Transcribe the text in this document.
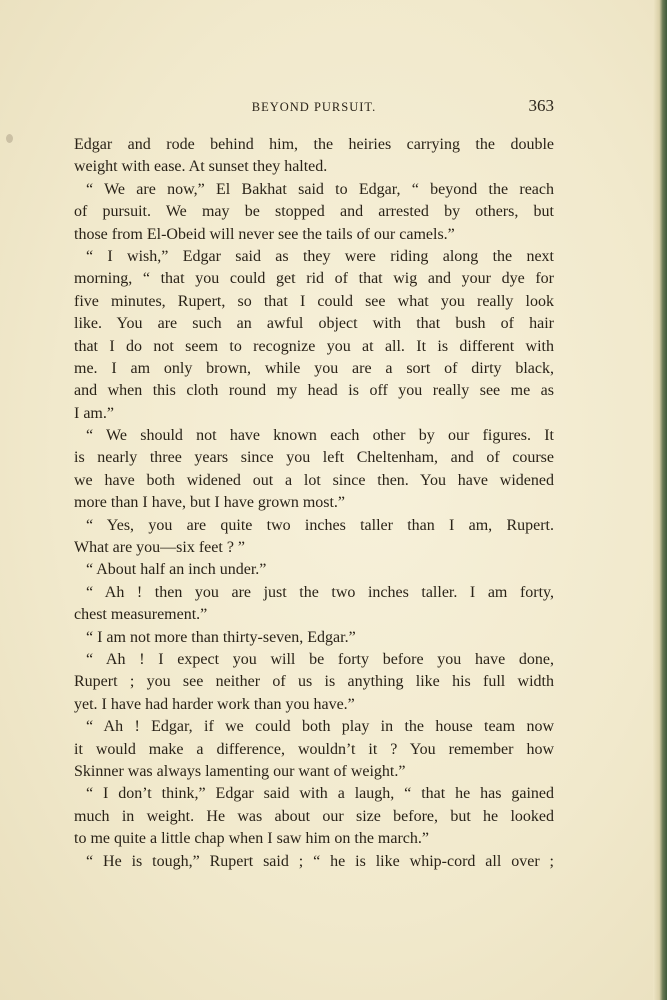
BEYOND PURSUIT.	363
Edgar and rode behind him, the heiries carrying the double
weight with ease. At sunset they halted.
“ We are now,” El Bakhat said to Edgar, “ beyond the reach
of pursuit. We may be stopped and arrested by others, but
those from El-Obeid will never see the tails of our camels.”
“ I wish,” Edgar said as they were riding along the next
morning, “ that you could get rid of that wig and your dye for
five minutes, Rupert, so that I could see what you really look
like. You are such an awful object with that bush of hair
that I do not seem to recognize you at all. It is different with
me. I am only brown, while you are a sort of dirty black,
and when this cloth round my head is off you really see me as
I am.”
“ We should not have known each other by our figures. It
is nearly three years since you left Cheltenham, and of course
we have both widened out a lot since then. You have widened
more than I have, but I have grown most.”
“ Yes, you are quite two inches taller than I am, Rupert.
What are you—six feet ? ”
“ About half an inch under.”
“ Ah ! then you are just the two inches taller. I am forty,
chest measurement.”
“ I am not more than thirty-seven, Edgar.”
“ Ah ! I expect you will be forty before you have done,
Rupert ; you see neither of us is anything like his full width
yet. I have had harder work than you have.”
“ Ah ! Edgar, if we could both play in the house team now
it would make a difference, wouldn’t it ? You remember how
Skinner was always lamenting our want of weight.”
“ I don’t think,” Edgar said with a laugh, “ that he has gained
much in weight. He was about our size before, but he looked
to me quite a little chap when I saw him on the march.”
“ He is tough,” Rupert said ; “ he is like whip-cord all over ;
